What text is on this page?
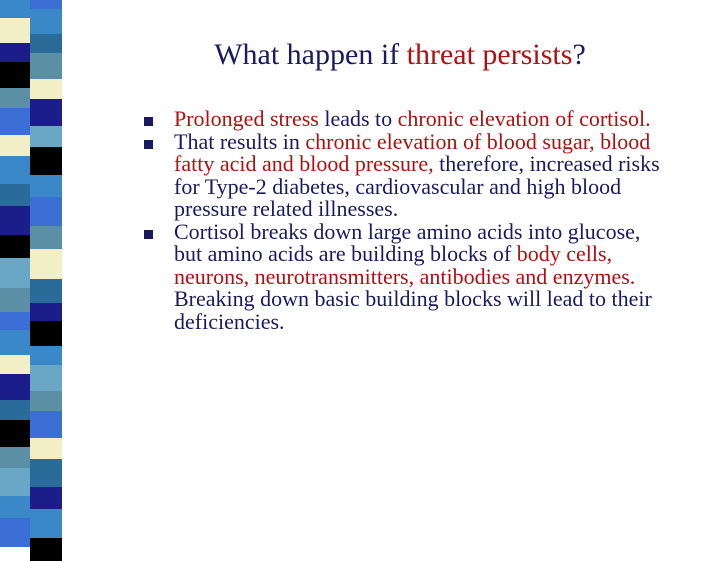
What happen if threat persists?
Prolonged stress leads to chronic elevation of cortisol.
That results in chronic elevation of blood sugar, blood fatty acid and blood pressure, therefore, increased risks for Type-2 diabetes, cardiovascular and high blood pressure related illnesses.
Cortisol breaks down large amino acids into glucose, but amino acids are building blocks of body cells, neurons, neurotransmitters, antibodies and enzymes. Breaking down basic building blocks will lead to their deficiencies.
